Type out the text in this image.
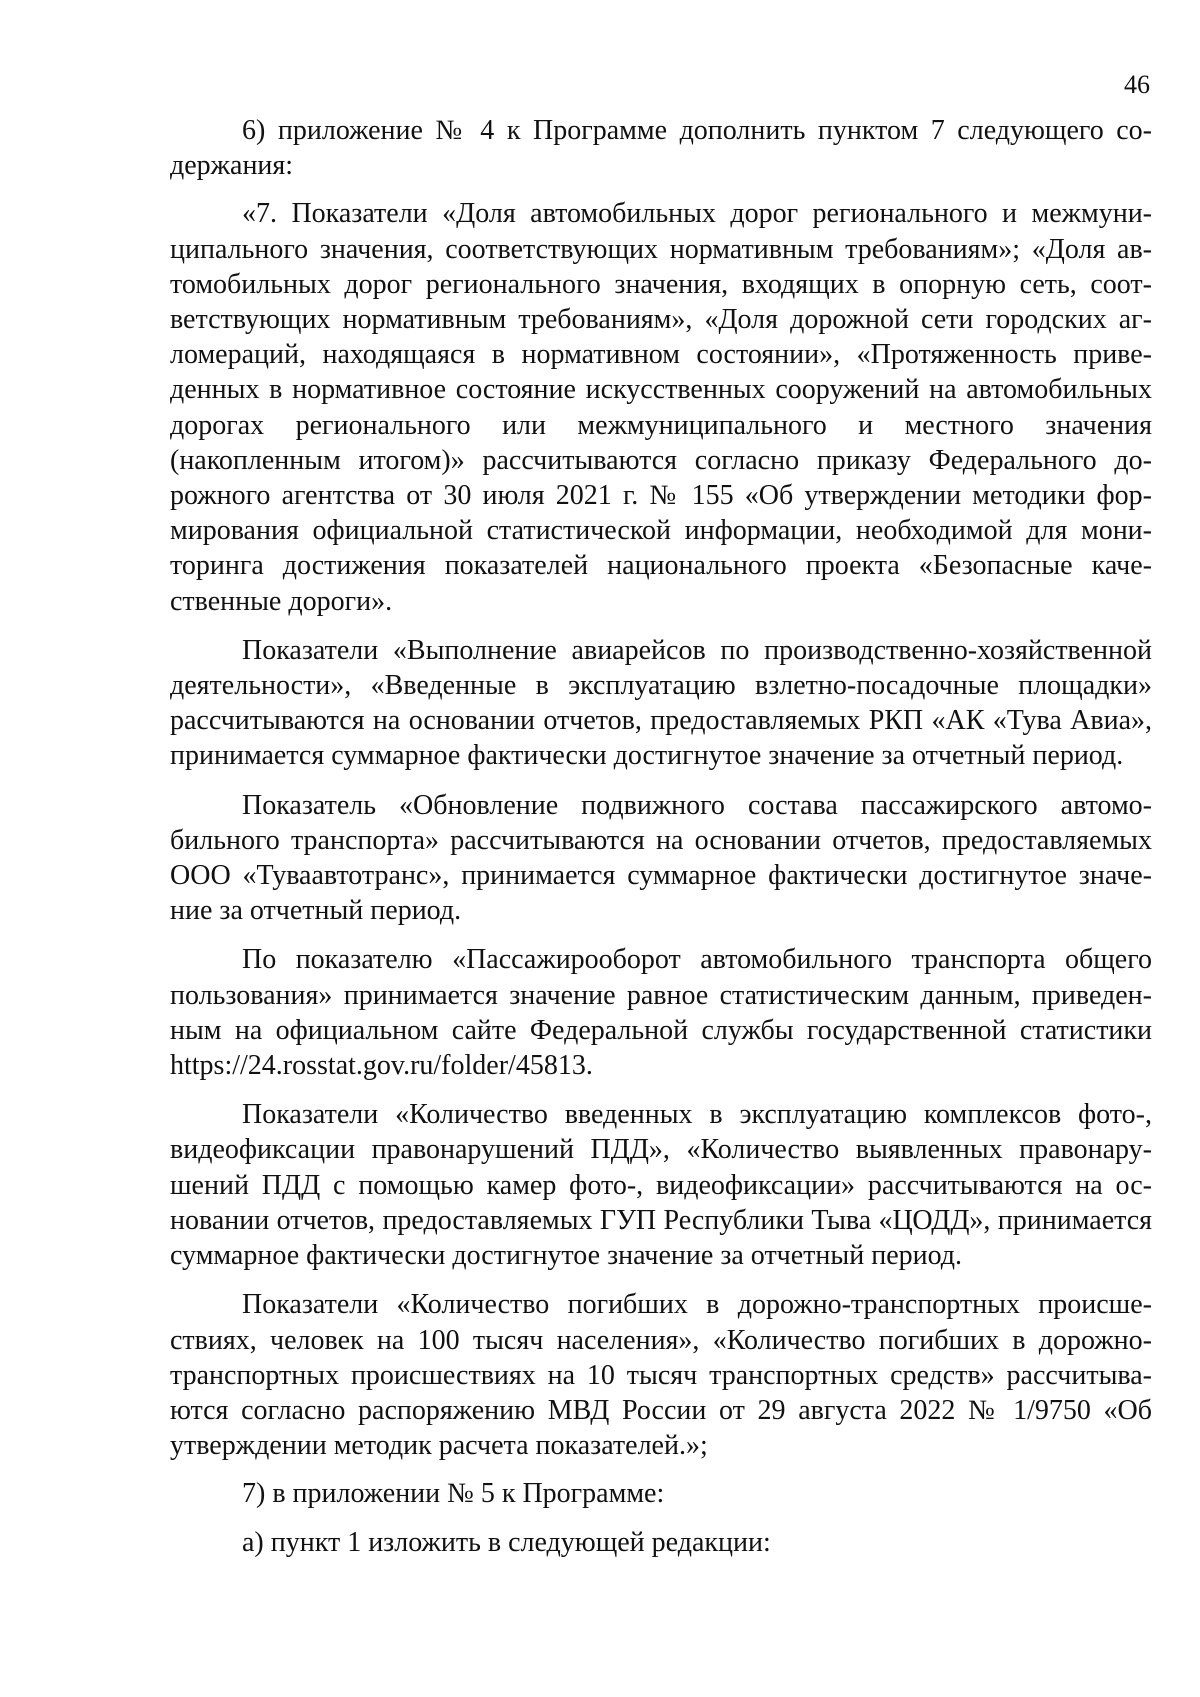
46

6) приложение № 4 к Программе дополнить пунктом 7 следующего содержания:

«7. Показатели «Доля автомобильных дорог регионального и межмуниципального значения, соответствующих нормативным требованиям»; «Доля автомобильных дорог регионального значения, входящих в опорную сеть, соответствующих нормативным требованиям», «Доля дорожной сети городских агломераций, находящаяся в нормативном состоянии», «Протяженность приведенных в нормативное состояние искусственных сооружений на автомобильных дорогах регионального или межмуниципального и местного значения (накопленным итогом)» рассчитываются согласно приказу Федерального дорожного агентства от 30 июля 2021 г. № 155 «Об утверждении методики формирования официальной статистической информации, необходимой для мониторинга достижения показателей национального проекта «Безопасные качественные дороги».

Показатели «Выполнение авиарейсов по производственно-хозяйственной деятельности», «Введенные в эксплуатацию взлетно-посадочные площадки» рассчитываются на основании отчетов, предоставляемых РКП «АК «Тува Авиа», принимается суммарное фактически достигнутое значение за отчетный период.

Показатель «Обновление подвижного состава пассажирского автомобильного транспорта» рассчитываются на основании отчетов, предоставляемых ООО «Туваавтотранс», принимается суммарное фактически достигнутое значение за отчетный период.

По показателю «Пассажирооборот автомобильного транспорта общего пользования» принимается значение равное статистическим данным, приведенным на официальном сайте Федеральной службы государственной статистики https://24.rosstat.gov.ru/folder/45813.

Показатели «Количество введенных в эксплуатацию комплексов фото-, видеофиксации правонарушений ПДД», «Количество выявленных правонарушений ПДД с помощью камер фото-, видеофиксации» рассчитываются на основании отчетов, предоставляемых ГУП Республики Тыва «ЦОДД», принимается суммарное фактически достигнутое значение за отчетный период.

Показатели «Количество погибших в дорожно-транспортных происшествиях, человек на 100 тысяч населения», «Количество погибших в дорожнотранспортных происшествиях на 10 тысяч транспортных средств» рассчитываются согласно распоряжению МВД России от 29 августа 2022 № 1/9750 «Об утверждении методик расчета показателей.»;

7) в приложении № 5 к Программе:

а) пункт 1 изложить в следующей редакции:
